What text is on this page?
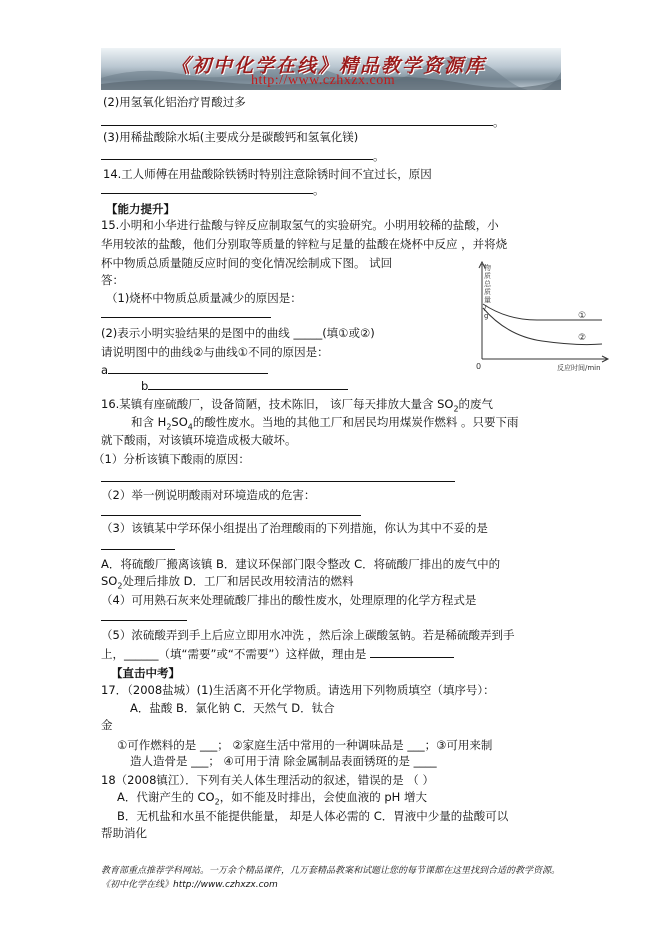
《初中化学在线》精品教学资源库
http://www.czhxzx.com
(2)用氢氧化铝治疗胃酸过多
。
(3)用稀盐酸除水垢(主要成分是碳酸钙和氢氧化镁)
。
14.工人师傅在用盐酸除铁锈时特别注意除锈时间不宜过长，原因
。
【能力提升】
15.小明和小华进行盐酸与锌反应制取氢气的实验研究。小明用较稀的盐酸，小
华用较浓的盐酸，他们分别取等质量的锌粒与足量的盐酸在烧杯中反应 ，并将烧
杯中物质总质量随反应时间的变化情况绘制成下图。 试回
答：
（1)烧杯中物质总质量减少的原因是：
(2)表示小明实验结果的是图中的曲线 _____(填①或②)
请说明图中的曲线②与曲线①不同的原因是：
a
b
物质总质量/ g
0	反应时间/min
①
②
16.某镇有座硫酸厂，设备简陋，技术陈旧， 该厂每天排放大量含 $SO_2$的废气
和含 $H_2SO_4$的酸性废水。当地的其他工厂和居民均用煤炭作燃料 。只要下雨
就下酸雨，对该镇环境造成极大破坏。
（1）分析该镇下酸雨的原因：
（2）举一例说明酸雨对环境造成的危害：
（3）该镇某中学环保小组提出了治理酸雨的下列措施，你认为其中不妥的是
A．将硫酸厂搬离该镇 B．建议环保部门限令整改 C．将硫酸厂排出的废气中的
$SO_2$处理后排放 D．工厂和居民改用较清洁的燃料
（4）可用熟石灰来处理硫酸厂排出的酸性废水，处理原理的化学方程式是
（5）浓硫酸弄到手上后应立即用水冲洗 ，然后涂上碳酸氢钠。若是稀硫酸弄到手
上，______（填“需要”或“不需要”）这样做，理由是
【直击中考】
17．（2008盐城）(1)生活离不开化学物质。请选用下列物质填空（填序号）：
A．盐酸 B．氯化钠 C．天然气 D．钛合
金
①可作燃料的是 ___； ②家庭生活中常用的一种调味品是 ___；③可用来制
造人造骨是 ___； ④可用于清 除金属制品表面锈斑的是 ____
18（2008镇江）．下列有关人体生理活动的叙述，错误的是 （ ）
A．代谢产生的 $CO_2$，如不能及时排出，会使血液的 pH 增大
B．无机盐和水虽不能提供能量， 却是人体必需的 C．胃液中少量的盐酸可以
帮助消化
教育部重点推荐学科网站。一万余个精品课件，几万套精品教案和试题让您的每节课都在这里找到合适的教学资源。《初中化学在线》http://www.czhxzx.com
